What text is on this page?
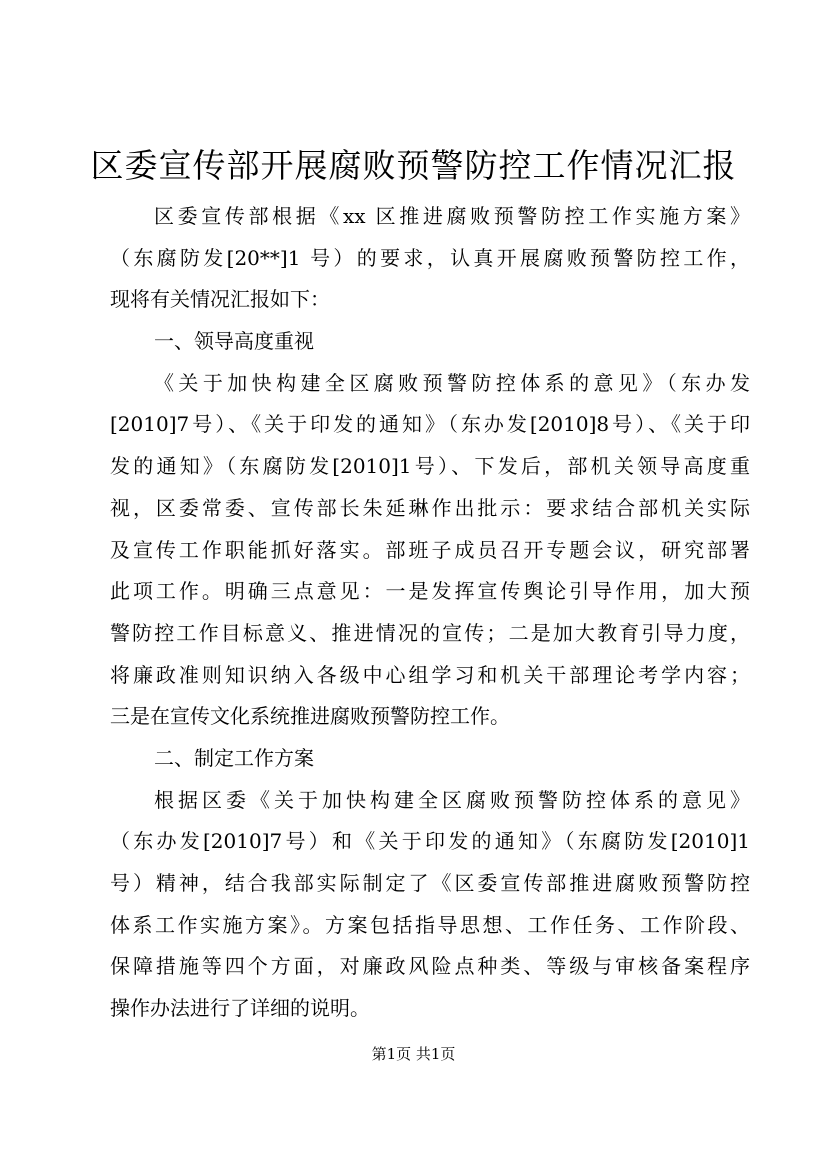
区委宣传部开展腐败预警防控工作情况汇报
区委宣传部根据《xx 区推进腐败预警防控工作实施方案》
（东腐防发[20**]1 号）的要求，认真开展腐败预警防控工作，
现将有关情况汇报如下：
一、领导高度重视
《关于加快构建全区腐败预警防控体系的意见》（东办发
[2010]7号）、《关于印发的通知》（东办发[2010]8号）、《关于印
发的通知》（东腐防发[2010]1号）、下发后，部机关领导高度重
视，区委常委、宣传部长朱延琳作出批示：要求结合部机关实际
及宣传工作职能抓好落实。部班子成员召开专题会议，研究部署
此项工作。明确三点意见：一是发挥宣传舆论引导作用，加大预
警防控工作目标意义、推进情况的宣传；二是加大教育引导力度，
将廉政准则知识纳入各级中心组学习和机关干部理论考学内容；
三是在宣传文化系统推进腐败预警防控工作。
二、制定工作方案
根据区委《关于加快构建全区腐败预警防控体系的意见》
（东办发[2010]7号）和《关于印发的通知》（东腐防发[2010]1
号）精神，结合我部实际制定了《区委宣传部推进腐败预警防控
体系工作实施方案》。方案包括指导思想、工作任务、工作阶段、
保障措施等四个方面，对廉政风险点种类、等级与审核备案程序
操作办法进行了详细的说明。
第1页 共1页
